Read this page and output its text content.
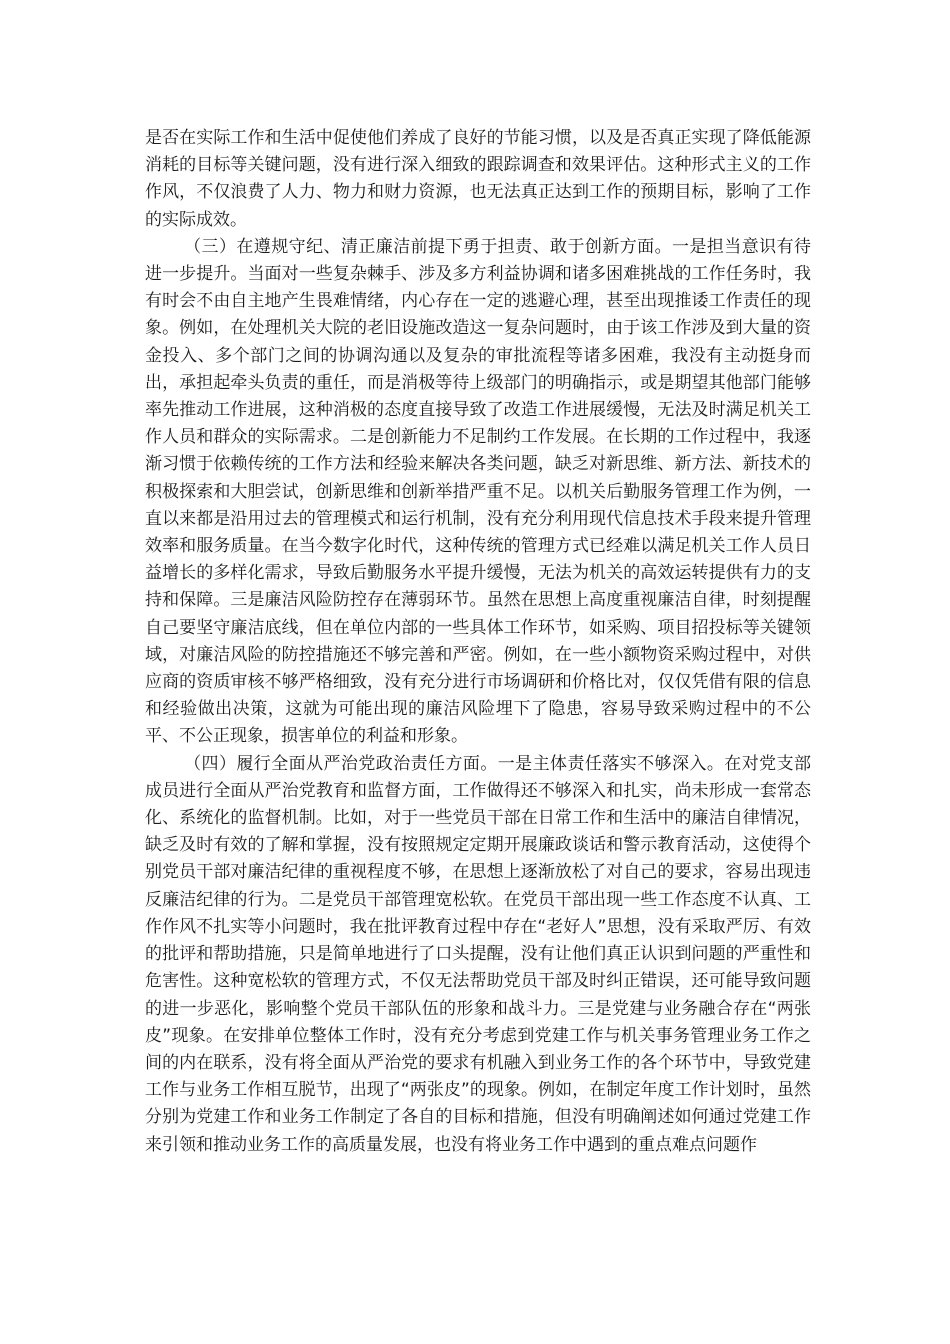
是否在实际工作和生活中促使他们养成了良好的节能习惯，以及是否真正实现了降低能源消耗的目标等关键问题，没有进行深入细致的跟踪调查和效果评估。这种形式主义的工作作风，不仅浪费了人力、物力和财力资源，也无法真正达到工作的预期目标，影响了工作的实际成效。

（三）在遵规守纪、清正廉洁前提下勇于担责、敢于创新方面。一是担当意识有待进一步提升。当面对一些复杂棘手、涉及多方利益协调和诸多困难挑战的工作任务时，我有时会不由自主地产生畏难情绪，内心存在一定的逃避心理，甚至出现推诿工作责任的现象。例如，在处理机关大院的老旧设施改造这一复杂问题时，由于该工作涉及到大量的资金投入、多个部门之间的协调沟通以及复杂的审批流程等诸多困难，我没有主动挺身而出，承担起牵头负责的重任，而是消极等待上级部门的明确指示，或是期望其他部门能够率先推动工作进展，这种消极的态度直接导致了改造工作进展缓慢，无法及时满足机关工作人员和群众的实际需求。二是创新能力不足制约工作发展。在长期的工作过程中，我逐渐习惯于依赖传统的工作方法和经验来解决各类问题，缺乏对新思维、新方法、新技术的积极探索和大胆尝试，创新思维和创新举措严重不足。以机关后勤服务管理工作为例，一直以来都是沿用过去的管理模式和运行机制，没有充分利用现代信息技术手段来提升管理效率和服务质量。在当今数字化时代，这种传统的管理方式已经难以满足机关工作人员日益增长的多样化需求，导致后勤服务水平提升缓慢，无法为机关的高效运转提供有力的支持和保障。三是廉洁风险防控存在薄弱环节。虽然在思想上高度重视廉洁自律，时刻提醒自己要坚守廉洁底线，但在单位内部的一些具体工作环节，如采购、项目招投标等关键领域，对廉洁风险的防控措施还不够完善和严密。例如，在一些小额物资采购过程中，对供应商的资质审核不够严格细致，没有充分进行市场调研和价格比对，仅仅凭借有限的信息和经验做出决策，这就为可能出现的廉洁风险埋下了隐患，容易导致采购过程中的不公平、不公正现象，损害单位的利益和形象。

（四）履行全面从严治党政治责任方面。一是主体责任落实不够深入。在对党支部成员进行全面从严治党教育和监督方面，工作做得还不够深入和扎实，尚未形成一套常态化、系统化的监督机制。比如，对于一些党员干部在日常工作和生活中的廉洁自律情况，缺乏及时有效的了解和掌握，没有按照规定定期开展廉政谈话和警示教育活动，这使得个别党员干部对廉洁纪律的重视程度不够，在思想上逐渐放松了对自己的要求，容易出现违反廉洁纪律的行为。二是党员干部管理宽松软。在党员干部出现一些工作态度不认真、工作作风不扎实等小问题时，我在批评教育过程中存在“老好人”思想，没有采取严厉、有效的批评和帮助措施，只是简单地进行了口头提醒，没有让他们真正认识到问题的严重性和危害性。这种宽松软的管理方式，不仅无法帮助党员干部及时纠正错误，还可能导致问题的进一步恶化，影响整个党员干部队伍的形象和战斗力。三是党建与业务融合存在“两张皮”现象。在安排单位整体工作时，没有充分考虑到党建工作与机关事务管理业务工作之间的内在联系，没有将全面从严治党的要求有机融入到业务工作的各个环节中，导致党建工作与业务工作相互脱节，出现了“两张皮”的现象。例如，在制定年度工作计划时，虽然分别为党建工作和业务工作制定了各自的目标和措施，但没有明确阐述如何通过党建工作来引领和推动业务工作的高质量发展，也没有将业务工作中遇到的重点难点问题作
